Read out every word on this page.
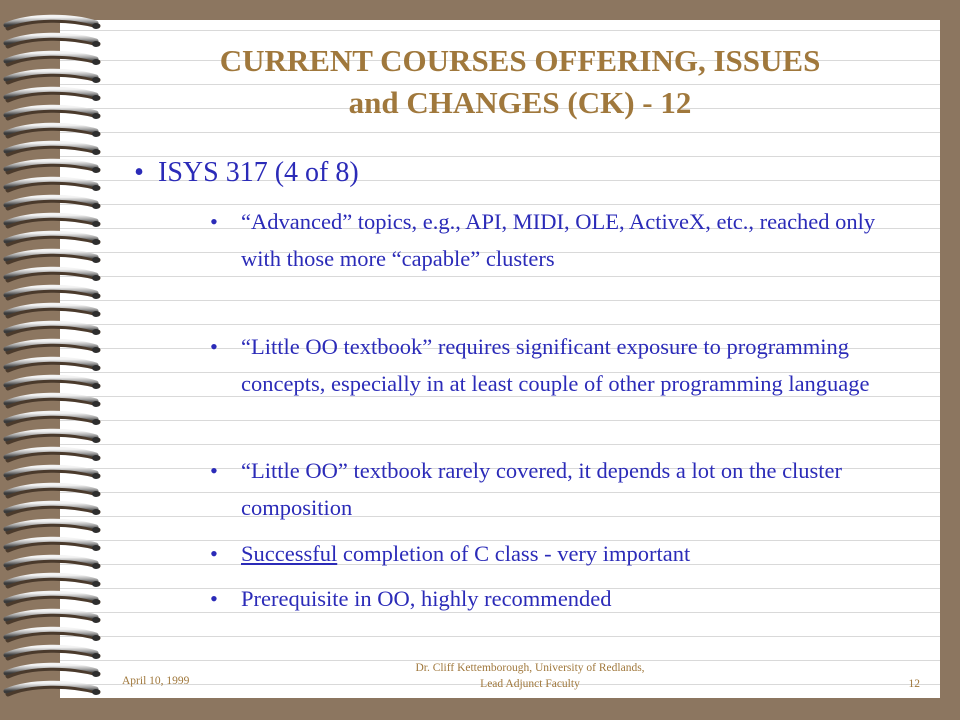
CURRENT COURSES OFFERING, ISSUES
and CHANGES (CK) - 12
• ISYS 317 (4 of 8)
• “Advanced” topics, e.g., API, MIDI, OLE, ActiveX, etc., reached only with those more “capable” clusters
• “Little OO textbook” requires significant exposure to programming concepts, especially in at least couple of other programming language
• “Little OO” textbook rarely covered, it depends a lot on the cluster composition
• Successful completion of C class - very important
• Prerequisite in OO, highly recommended
April 10, 1999
Dr. Cliff Kettemborough, University of Redlands,
Lead Adjunct Faculty	12
